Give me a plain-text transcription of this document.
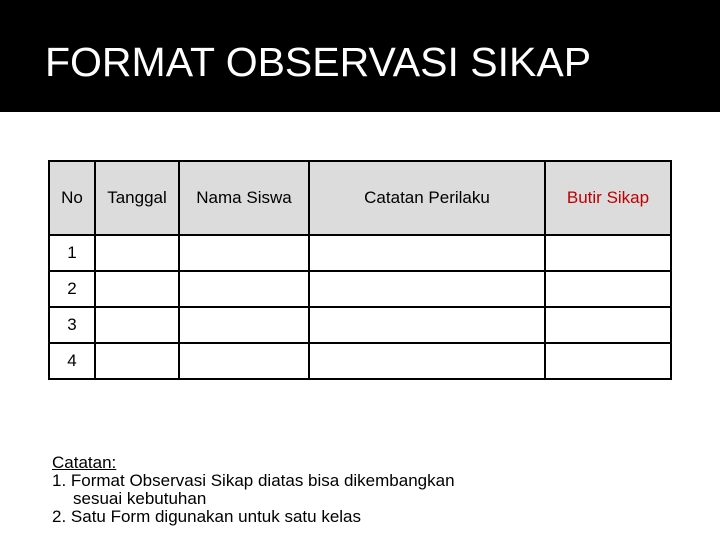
FORMAT OBSERVASI SIKAP
No	Tanggal	Nama Siswa	Catatan Perilaku	Butir Sikap
1				
2				
3				
4				
Catatan:
1. Format Observasi Sikap diatas bisa dikembangkan
sesuai kebutuhan
2. Satu Form digunakan untuk satu kelas
